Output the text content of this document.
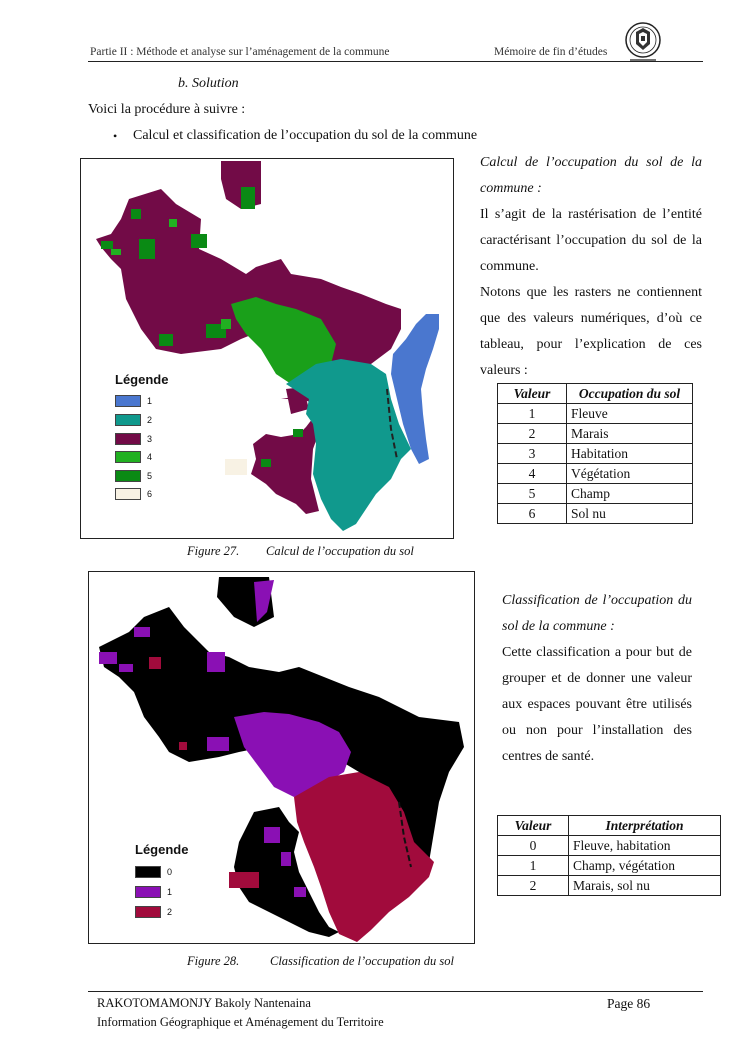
Partie II : Méthode et analyse sur l’aménagement de la commune	Mémoire de fin d’études
b. Solution
Voici la procédure à suivre :
• Calcul et classification de l’occupation du sol de la commune
Légende
1
2
3
4
5
6
Figure 27. Calcul de l’occupation du sol
Calcul de l’occupation du sol de la commune :
Il s’agit de la rastérisation de l’entité caractérisant l’occupation du sol de la commune.
Notons que les rasters ne contiennent que des valeurs numériques, d’où ce tableau, pour l’explication de ces valeurs :
Valeur	Occupation du sol
1	Fleuve
2	Marais
3	Habitation
4	Végétation
5	Champ
6	Sol nu
Légende
0
1
2
Figure 28. Classification de l’occupation du sol
Classification de l’occupation du sol de la commune :
Cette classification a pour but de grouper et de donner une valeur aux espaces pouvant être utilisés ou non pour l’installation des centres de santé.
Valeur	Interprétation
0	Fleuve, habitation
1	Champ, végétation
2	Marais, sol nu
RAKOTOMAMONJY Bakoly Nantenaina
Information Géographique et Aménagement du Territoire
Page 86
